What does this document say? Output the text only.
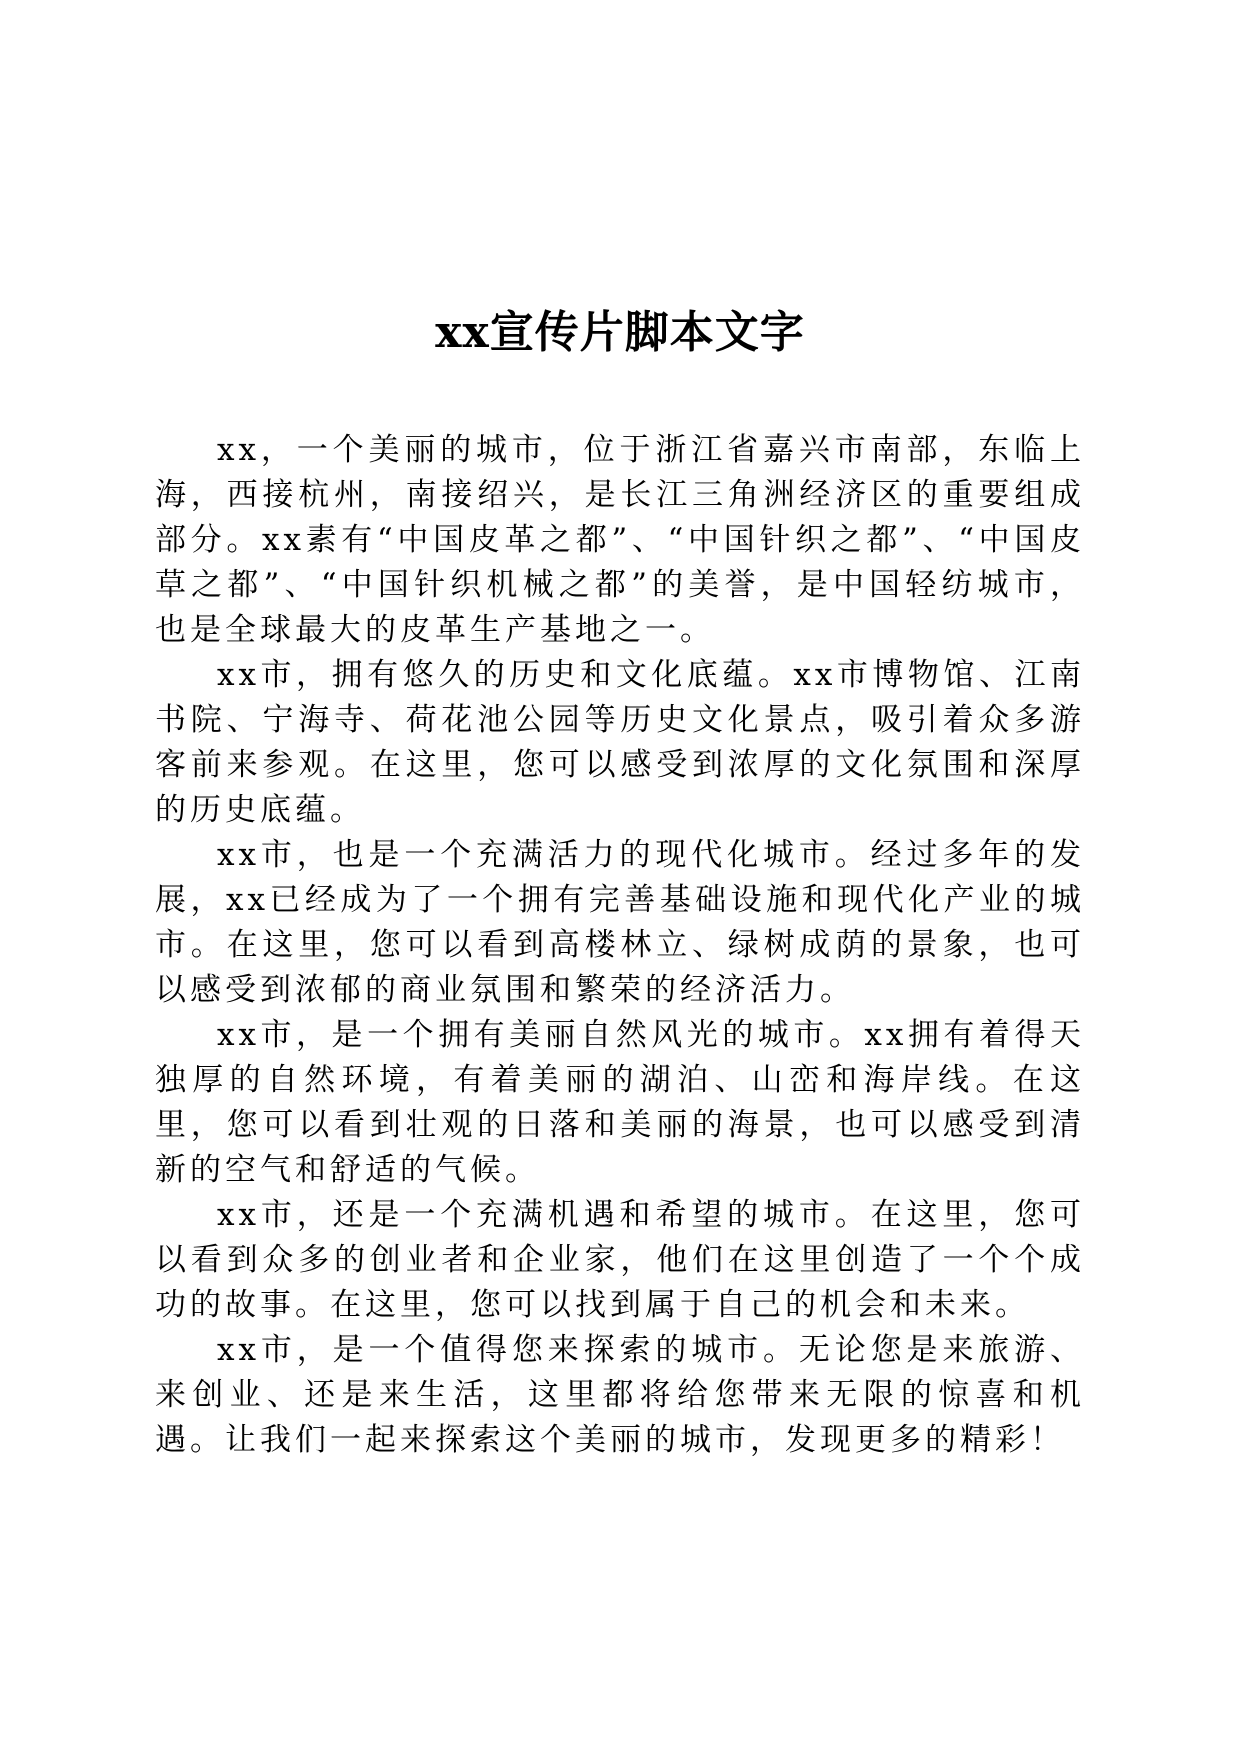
xx宣传片脚本文字

xx，一个美丽的城市，位于浙江省嘉兴市南部，东临上海，西接杭州，南接绍兴，是长江三角洲经济区的重要组成部分。xx素有“中国皮革之都”、“中国针织之都”、“中国皮草之都”、“中国针织机械之都”的美誉，是中国轻纺城市，也是全球最大的皮革生产基地之一。

xx市，拥有悠久的历史和文化底蕴。xx市博物馆、江南书院、宁海寺、荷花池公园等历史文化景点，吸引着众多游客前来参观。在这里，您可以感受到浓厚的文化氛围和深厚的历史底蕴。

xx市，也是一个充满活力的现代化城市。经过多年的发展，xx已经成为了一个拥有完善基础设施和现代化产业的城市。在这里，您可以看到高楼林立、绿树成荫的景象，也可以感受到浓郁的商业氛围和繁荣的经济活力。

xx市，是一个拥有美丽自然风光的城市。xx拥有着得天独厚的自然环境，有着美丽的湖泊、山峦和海岸线。在这里，您可以看到壮观的日落和美丽的海景，也可以感受到清新的空气和舒适的气候。

xx市，还是一个充满机遇和希望的城市。在这里，您可以看到众多的创业者和企业家，他们在这里创造了一个个成功的故事。在这里，您可以找到属于自己的机会和未来。

xx市，是一个值得您来探索的城市。无论您是来旅游、来创业、还是来生活，这里都将给您带来无限的惊喜和机遇。让我们一起来探索这个美丽的城市，发现更多的精彩！
